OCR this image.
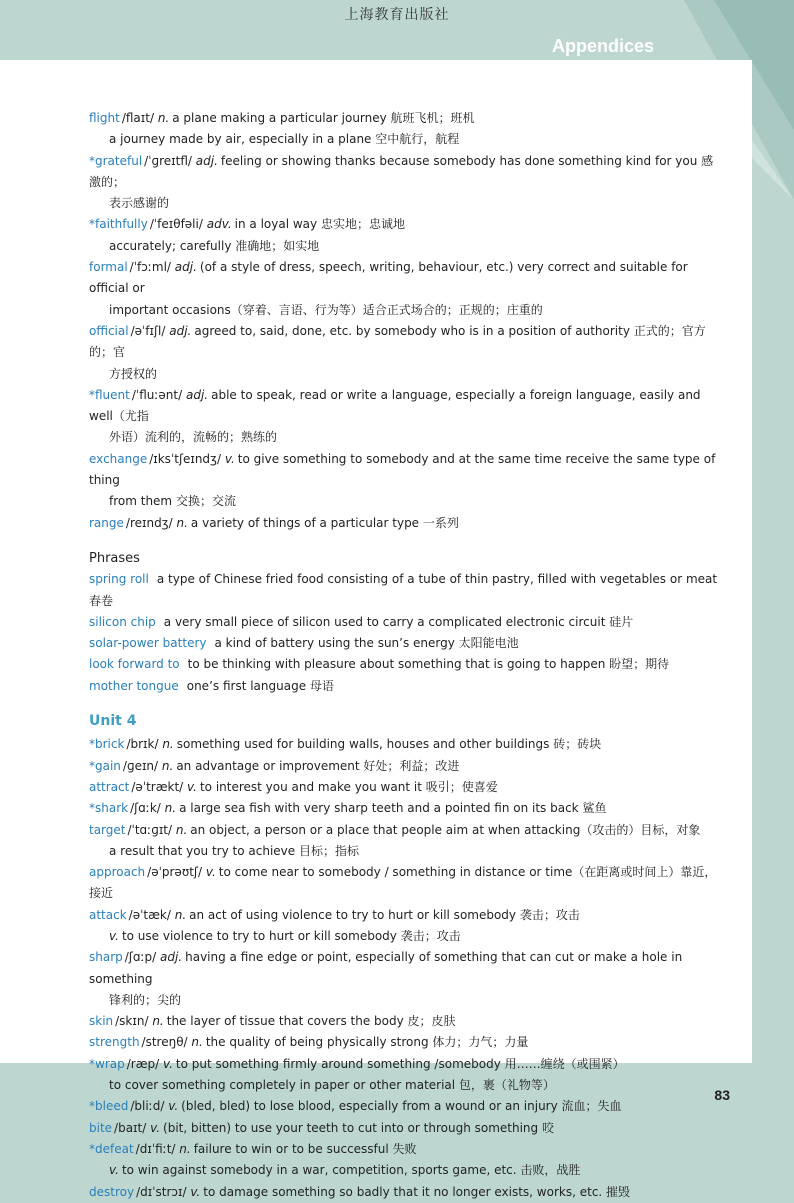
上海教育出版社
Appendices
flight /flaɪt/ n. a plane making a particular journey 航班飞机；班机
a journey made by air, especially in a plane 空中航行，航程
*grateful /ˈɡreɪtfl/ adj. feeling or showing thanks because somebody has done something kind for you 感激的；
表示感谢的
*faithfully /ˈfeɪθfəli/ adv. in a loyal way 忠实地；忠诚地
accurately; carefully 准确地；如实地
formal /ˈfɔːml/ adj. (of a style of dress, speech, writing, behaviour, etc.) very correct and suitable for official or
important occasions（穿着、言语、行为等）适合正式场合的；正规的；庄重的
official /əˈfɪʃl/ adj. agreed to, said, done, etc. by somebody who is in a position of authority 正式的；官方的；官
方授权的
*fluent /ˈfluːənt/ adj. able to speak, read or write a language, especially a foreign language, easily and well（尤指
外语）流利的，流畅的；熟练的
exchange /ɪksˈtʃeɪndʒ/ v. to give something to somebody and at the same time receive the same type of thing
from them 交换；交流
range /reɪndʒ/ n. a variety of things of a particular type 一系列
Phrases
spring roll a type of Chinese fried food consisting of a tube of thin pastry, filled with vegetables or meat 春卷
silicon chip a very small piece of silicon used to carry a complicated electronic circuit 硅片
solar-power battery a kind of battery using the sun’s energy 太阳能电池
look forward to to be thinking with pleasure about something that is going to happen 盼望；期待
mother tongue one’s first language 母语
Unit 4
*brick /brɪk/ n. something used for building walls, houses and other buildings 砖；砖块
*gain /ɡeɪn/ n. an advantage or improvement 好处；利益；改进
attract /əˈtrækt/ v. to interest you and make you want it 吸引；使喜爱
*shark /ʃɑːk/ n. a large sea fish with very sharp teeth and a pointed fin on its back 鲨鱼
target /ˈtɑːɡɪt/ n. an object, a person or a place that people aim at when attacking（攻击的）目标，对象
a result that you try to achieve 目标；指标
approach /əˈprəʊtʃ/ v. to come near to somebody / something in distance or time（在距离或时间上）靠近，接近
attack /əˈtæk/ n. an act of using violence to try to hurt or kill somebody 袭击；攻击
v. to use violence to try to hurt or kill somebody 袭击；攻击
sharp /ʃɑːp/ adj. having a fine edge or point, especially of something that can cut or make a hole in something
锋利的；尖的
skin /skɪn/ n. the layer of tissue that covers the body 皮；皮肤
strength /streŋθ/ n. the quality of being physically strong 体力；力气；力量
*wrap /ræp/ v. to put something firmly around something /somebody 用……缠绕（或围紧）
to cover something completely in paper or other material 包，裹（礼物等）
*bleed /bliːd/ v. (bled, bled) to lose blood, especially from a wound or an injury 流血；失血
bite /baɪt/ v. (bit, bitten) to use your teeth to cut into or through something 咬
*defeat /dɪˈfiːt/ n. failure to win or to be successful 失败
v. to win against somebody in a war, competition, sports game, etc. 击败，战胜
destroy /dɪˈstrɔɪ/ v. to damage something so badly that it no longer exists, works, etc. 摧毁
83
